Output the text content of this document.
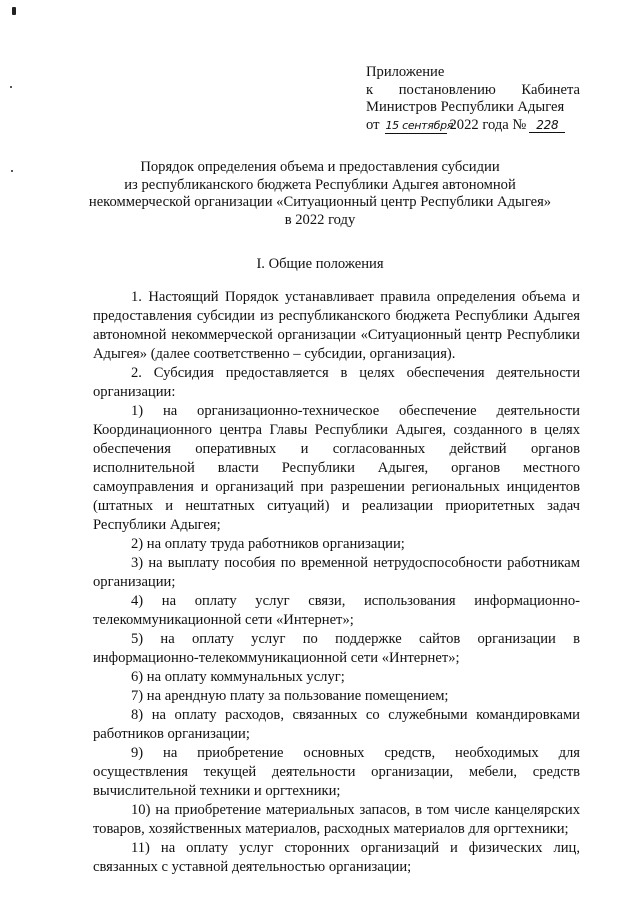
Приложение
к постановлению Кабинета
Министров Республики Адыгея
от 15 сентября
2022 года № 228
Порядок определения объема и предоставления субсидии
из республиканского бюджета Республики Адыгея автономной
некоммерческой организации «Ситуационный центр Республики Адыгея»
в 2022 году
I. Общие положения

1. Настоящий Порядок устанавливает правила определения объема и предоставления субсидии из республиканского бюджета Республики Адыгея автономной некоммерческой организации «Ситуационный центр Республики Адыгея» (далее соответственно – субсидии, организация).

2. Субсидия предоставляется в целях обеспечения деятельности организации:

1) на организационно-техническое обеспечение деятельности Координационного центра Главы Республики Адыгея, созданного в целях обеспечения оперативных и согласованных действий органов исполнительной власти Республики Адыгея, органов местного самоуправления и организаций при разрешении региональных инцидентов (штатных и нештатных ситуаций) и реализации приоритетных задач Республики Адыгея;

2) на оплату труда работников организации;

3) на выплату пособия по временной нетрудоспособности работникам организации;

4) на оплату услуг связи, использования информационно-телекоммуникационной сети «Интернет»;

5) на оплату услуг по поддержке сайтов организации в информационно-телекоммуникационной сети «Интернет»;

6) на оплату коммунальных услуг;

7) на арендную плату за пользование помещением;

8) на оплату расходов, связанных со служебными командировками работников организации;

9) на приобретение основных средств, необходимых для осуществления текущей деятельности организации, мебели, средств вычислительной техники и оргтехники;

10) на приобретение материальных запасов, в том числе канцелярских товаров, хозяйственных материалов, расходных материалов для оргтехники;

11) на оплату услуг сторонних организаций и физических лиц, связанных с уставной деятельностью организации;
